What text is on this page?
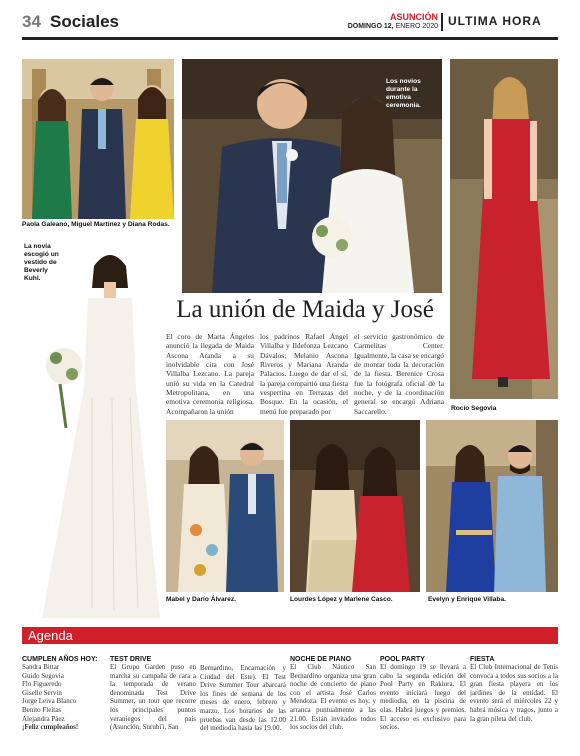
34 Sociales	ASUNCIÓN
DOMINGO 12, ENERO 2020 ULTIMA HORA
Paola Galeano, Miguel Martínez y Diana Rodas.
Los novios durante la emotiva ceremonia.
Rocío Segovia
La novia escogió un vestido de Beverly Kuhl.
La unión de Maida y José
El coro de Marta Ángeles anunció la llegada de Maida Ascona Aranda a su inolvidable cita con José Villalba Lezcano. La pareja unió su vida en la Catedral Metropolitana, en una emotiva ceremonia religiosa. Acompañaron la unión
los padrinos Rafael Ángel Villalba y Ildefonza Lezcano Dávalos; Melanio Ascona Riveros y Mariana Aranda Palacios. Luego de dar el sí, la pareja compartió una fiesta vespertina en Terrazas del Bosque. En la ocasión, el menú fue preparado por
el servicio gastronómico de Carmelitas Center. Igualmente, la casa se encargó de montar toda la decoración de la fiesta. Berenice Crosa fue la fotógrafa oficial de la noche, y de la coordinación general se encargó Adriana Saccarello.
Mabel y Darío Álvarez.	Lourdes López y Marlene Casco.	Evelyn y Enrique Villaba.
Agenda
CUMPLEN AÑOS HOY:
Sandra Bittar
Guido Segovia
Flo Figueredo
Giselle Servín
Jorge Leiva Blanco
Benito Fleitas
Alejandra Páez
¡Feliz cumpleaños!
TEST DRIVE
El Grupo Garden puso en marcha su campaña de cara a la temporada de verano denominada Test Drive Summer, un tour que recorre los principales puntos veraniegos del país (Asunción, Surubi'i, San
Bernardino, Encarnación y Ciudad del Este). El Test Drive Summer Tour abarcará los fines de semana de los meses de enero, febrero y marzo. Los horarios de las pruebas van desde las 12.00 del mediodía hasta las 19.00.
NOCHE DE PIANO
El Club Náutico San Bernardino organiza una gran noche de concierto de piano con el artista José Carlos Mendoza. El evento es hoy, y arranca puntualmente a las 21.00. Están invitados todos los socios del club.
POOL PARTY
El domingo 19 se llevará a cabo la segunda edición del Pool Party en Rakiura. El evento iniciará luego del mediodía, en la piscina de olas. Habrá juegos y premios. El acceso es exclusivo para socios.
FIESTA
El Club Internacional de Tenis convoca a todos sus socios a la gran fiesta playera en los jardines de la entidad. El evento será el miércoles 22 y habrá música y tragos, junto a la gran pileta del club.
